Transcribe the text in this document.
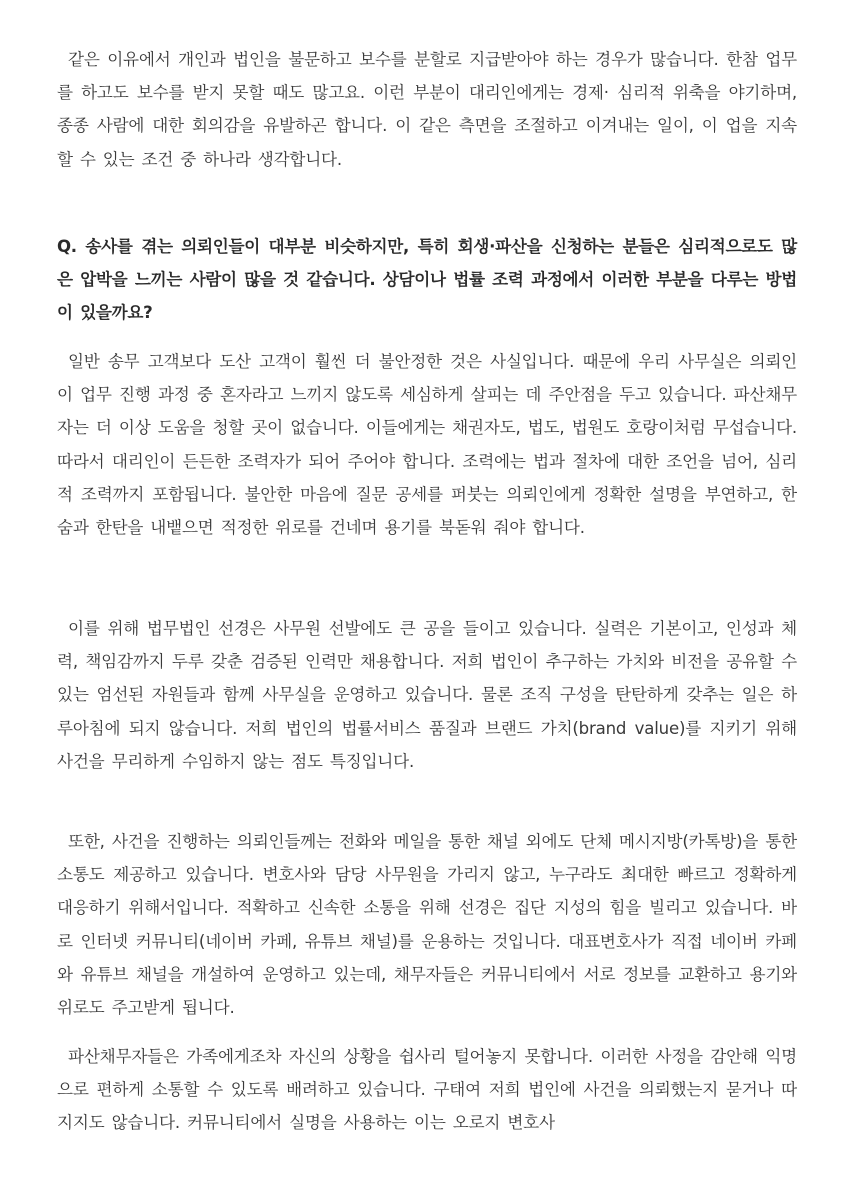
같은 이유에서 개인과 법인을 불문하고 보수를 분할로 지급받아야 하는 경우가 많습니다. 한참 업무를 하고도 보수를 받지 못할 때도 많고요. 이런 부분이 대리인에게는 경제· 심리적 위축을 야기하며, 종종 사람에 대한 회의감을 유발하곤 합니다. 이 같은 측면을 조절하고 이겨내는 일이, 이 업을 지속할 수 있는 조건 중 하나라 생각합니다.

Q. 송사를 겪는 의뢰인들이 대부분 비슷하지만, 특히 회생·파산을 신청하는 분들은 심리적으로도 많은 압박을 느끼는 사람이 많을 것 같습니다. 상담이나 법률 조력 과정에서 이러한 부분을 다루는 방법이 있을까요?

일반 송무 고객보다 도산 고객이 훨씬 더 불안정한 것은 사실입니다. 때문에 우리 사무실은 의뢰인이 업무 진행 과정 중 혼자라고 느끼지 않도록 세심하게 살피는 데 주안점을 두고 있습니다. 파산채무자는 더 이상 도움을 청할 곳이 없습니다. 이들에게는 채권자도, 법도, 법원도 호랑이처럼 무섭습니다. 따라서 대리인이 든든한 조력자가 되어 주어야 합니다. 조력에는 법과 절차에 대한 조언을 넘어, 심리적 조력까지 포함됩니다. 불안한 마음에 질문 공세를 퍼붓는 의뢰인에게 정확한 설명을 부연하고, 한숨과 한탄을 내뱉으면 적정한 위로를 건네며 용기를 북돋워 줘야 합니다.

이를 위해 법무법인 선경은 사무원 선발에도 큰 공을 들이고 있습니다. 실력은 기본이고, 인성과 체력, 책임감까지 두루 갖춘 검증된 인력만 채용합니다. 저희 법인이 추구하는 가치와 비전을 공유할 수 있는 엄선된 자원들과 함께 사무실을 운영하고 있습니다. 물론 조직 구성을 탄탄하게 갖추는 일은 하루아침에 되지 않습니다. 저희 법인의 법률서비스 품질과 브랜드 가치(brand value)를 지키기 위해 사건을 무리하게 수임하지 않는 점도 특징입니다.

또한, 사건을 진행하는 의뢰인들께는 전화와 메일을 통한 채널 외에도 단체 메시지방(카톡방)을 통한 소통도 제공하고 있습니다. 변호사와 담당 사무원을 가리지 않고, 누구라도 최대한 빠르고 정확하게 대응하기 위해서입니다. 적확하고 신속한 소통을 위해 선경은 집단 지성의 힘을 빌리고 있습니다. 바로 인터넷 커뮤니티(네이버 카페, 유튜브 채널)를 운용하는 것입니다. 대표변호사가 직접 네이버 카페와 유튜브 채널을 개설하여 운영하고 있는데, 채무자들은 커뮤니티에서 서로 정보를 교환하고 용기와 위로도 주고받게 됩니다.

파산채무자들은 가족에게조차 자신의 상황을 쉽사리 털어놓지 못합니다. 이러한 사정을 감안해 익명으로 편하게 소통할 수 있도록 배려하고 있습니다. 구태여 저희 법인에 사건을 의뢰했는지 묻거나 따지지도 않습니다. 커뮤니티에서 실명을 사용하는 이는 오로지 변호사
